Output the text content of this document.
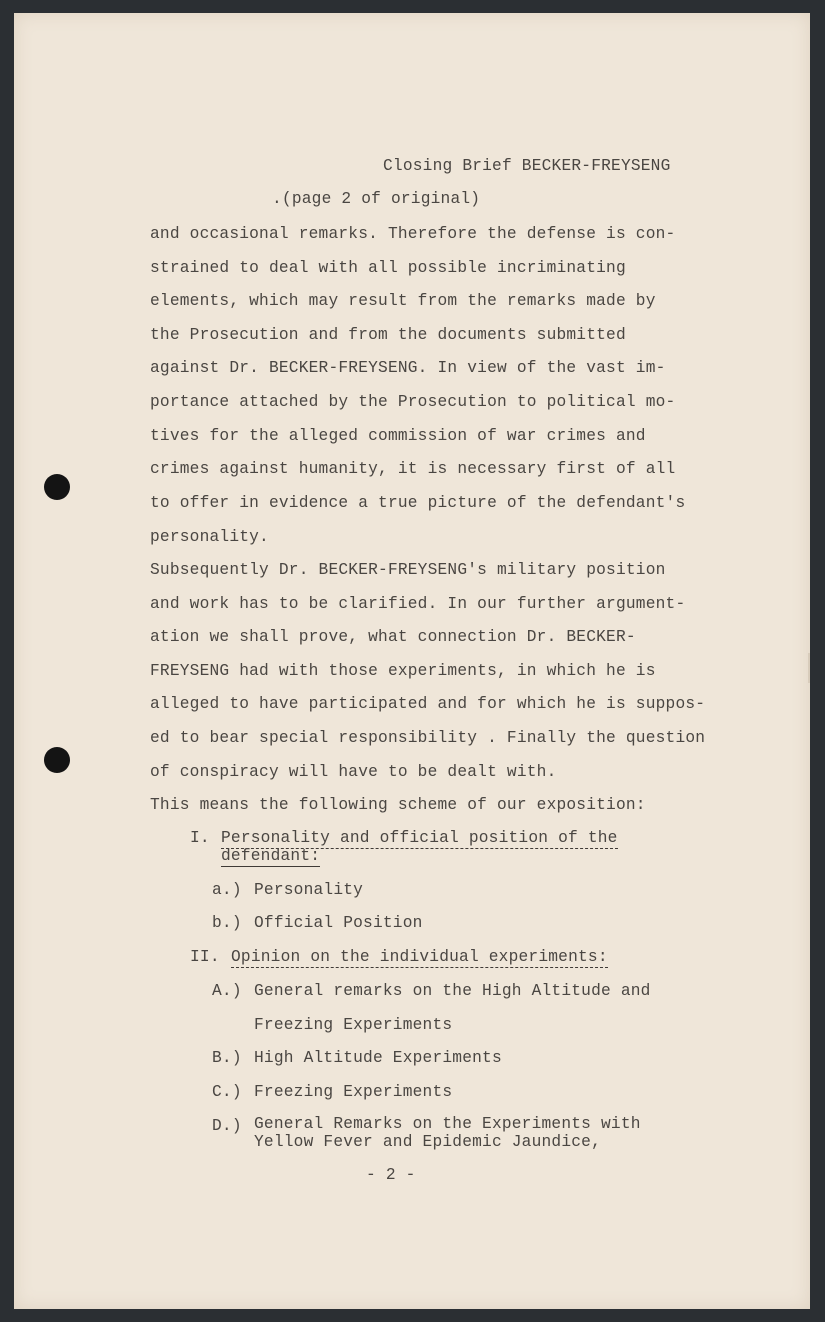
Closing Brief BECKER-FREYSENG
.(page 2 of original)
and occasional remarks. Therefore the defense is con-
strained to deal with all possible incriminating
elements, which may result from the remarks made by
the Prosecution and from the documents submitted
against Dr. BECKER-FREYSENG. In view of the vast im-
portance attached by the Prosecution to political mo-
tives for the alleged commission of war crimes and
crimes against humanity, it is necessary first of all
to offer in evidence a true picture of the defendant's
personality.
Subsequently Dr. BECKER-FREYSENG's military position
and work has to be clarified. In our further argument-
ation we shall prove, what connection Dr. BECKER-
FREYSENG had with those experiments, in which he is
alleged to have participated and for which he is suppos-
ed to bear special responsibility . Finally the question
of conspiracy will have to be dealt with.
This means the following scheme of our exposition:
I. Personality and official position of the
defendant:
a.) Personality
b.) Official Position
II. Opinion on the individual experiments:
A.) General remarks on the High Altitude and
Freezing Experiments
B.) High Altitude Experiments
C.) Freezing Experiments
D.) General Remarks on the Experiments with
Yellow Fever and Epidemic Jaundice,
- 2 -
